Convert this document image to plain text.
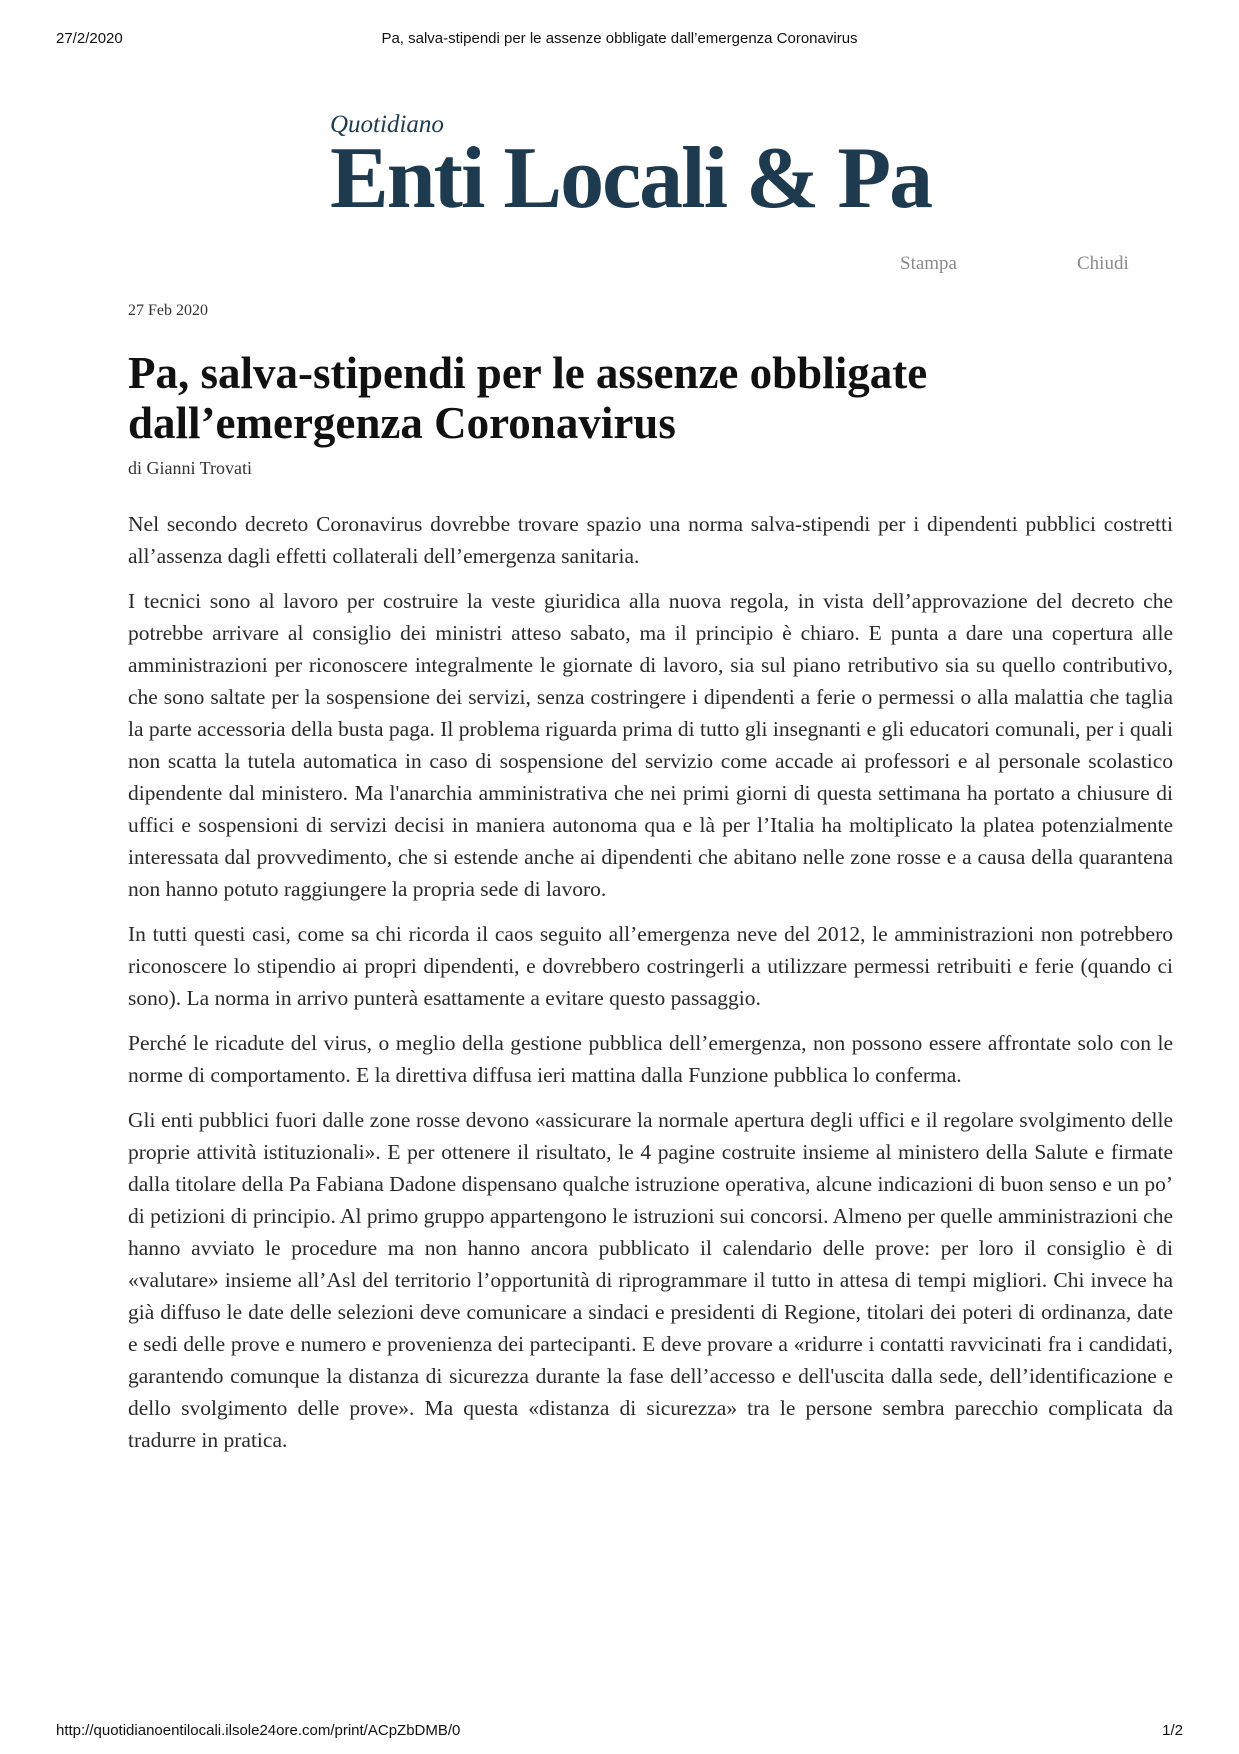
27/2/2020	Pa, salva-stipendi per le assenze obbligate dall’emergenza Coronavirus
Quotidiano
Enti Locali & Pa
Stampa	Chiudi
27 Feb 2020
Pa, salva-stipendi per le assenze obbligate
dall’emergenza Coronavirus
di Gianni Trovati

Nel secondo decreto Coronavirus dovrebbe trovare spazio una norma salva-stipendi per i dipendenti pubblici costretti all’assenza dagli effetti collaterali dell’emergenza sanitaria.

I tecnici sono al lavoro per costruire la veste giuridica alla nuova regola, in vista dell’approvazione del decreto che potrebbe arrivare al consiglio dei ministri atteso sabato, ma il principio è chiaro. E punta a dare una copertura alle amministrazioni per riconoscere integralmente le giornate di lavoro, sia sul piano retributivo sia su quello contributivo, che sono saltate per la sospensione dei servizi, senza costringere i dipendenti a ferie o permessi o alla malattia che taglia la parte accessoria della busta paga. Il problema riguarda prima di tutto gli insegnanti e gli educatori comunali, per i quali non scatta la tutela automatica in caso di sospensione del servizio come accade ai professori e al personale scolastico dipendente dal ministero. Ma l'anarchia amministrativa che nei primi giorni di questa settimana ha portato a chiusure di uffici e sospensioni di servizi decisi in maniera autonoma qua e là per l’Italia ha moltiplicato la platea potenzialmente interessata dal provvedimento, che si estende anche ai dipendenti che abitano nelle zone rosse e a causa della quarantena non hanno potuto raggiungere la propria sede di lavoro.

In tutti questi casi, come sa chi ricorda il caos seguito all’emergenza neve del 2012, le amministrazioni non potrebbero riconoscere lo stipendio ai propri dipendenti, e dovrebbero costringerli a utilizzare permessi retribuiti e ferie (quando ci sono). La norma in arrivo punterà esattamente a evitare questo passaggio.

Perché le ricadute del virus, o meglio della gestione pubblica dell’emergenza, non possono essere affrontate solo con le norme di comportamento. E la direttiva diffusa ieri mattina dalla Funzione pubblica lo conferma.

Gli enti pubblici fuori dalle zone rosse devono «assicurare la normale apertura degli uffici e il regolare svolgimento delle proprie attività istituzionali». E per ottenere il risultato, le 4 pagine costruite insieme al ministero della Salute e firmate dalla titolare della Pa Fabiana Dadone dispensano qualche istruzione operativa, alcune indicazioni di buon senso e un po’ di petizioni di principio. Al primo gruppo appartengono le istruzioni sui concorsi. Almeno per quelle amministrazioni che hanno avviato le procedure ma non hanno ancora pubblicato il calendario delle prove: per loro il consiglio è di «valutare» insieme all’Asl del territorio l’opportunità di riprogrammare il tutto in attesa di tempi migliori. Chi invece ha già diffuso le date delle selezioni deve comunicare a sindaci e presidenti di Regione, titolari dei poteri di ordinanza, date e sedi delle prove e numero e provenienza dei partecipanti. E deve provare a «ridurre i contatti ravvicinati fra i candidati, garantendo comunque la distanza di sicurezza durante la fase dell’accesso e dell'uscita dalla sede, dell’identificazione e dello svolgimento delle prove». Ma questa «distanza di sicurezza» tra le persone sembra parecchio complicata da tradurre in pratica.

http://quotidianoentilocali.ilsole24ore.com/print/ACpZbDMB/0	1/2
